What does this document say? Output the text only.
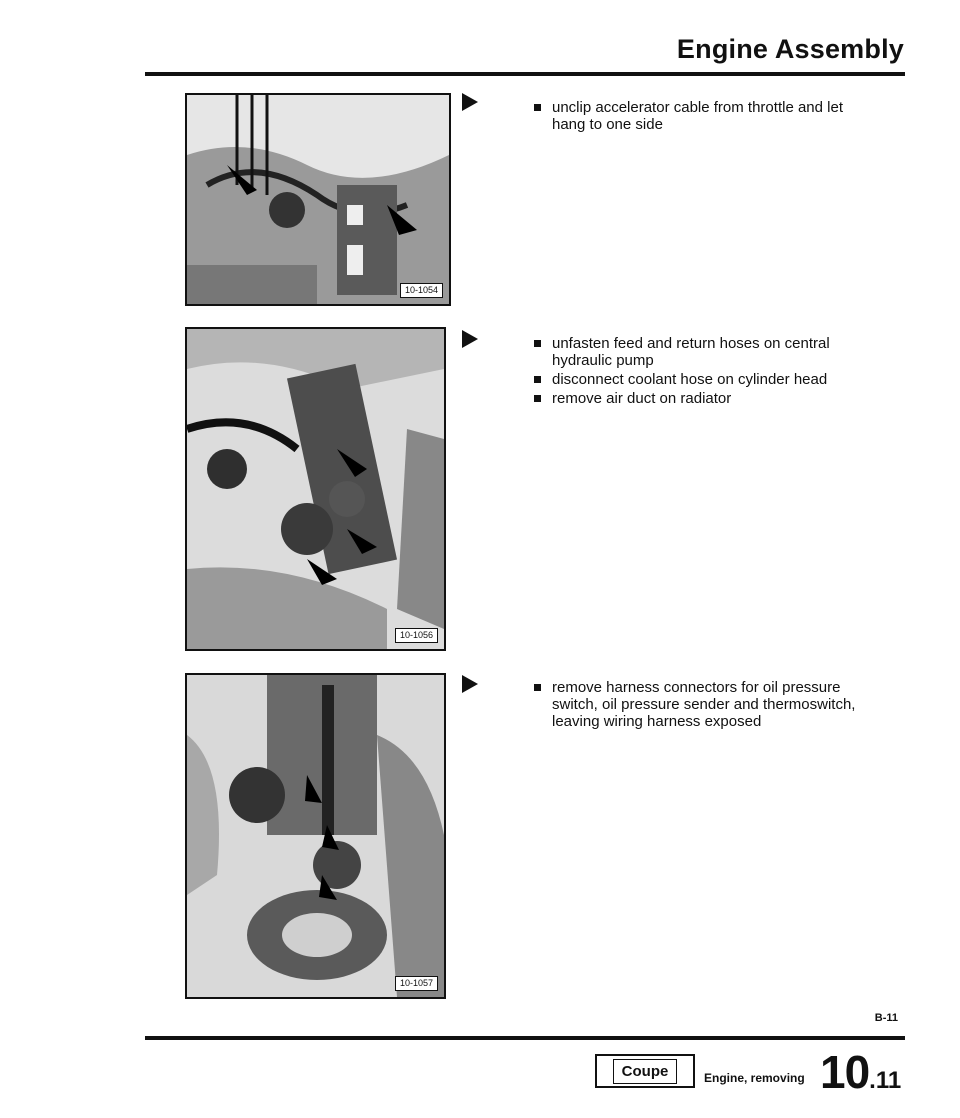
Engine Assembly
10-1054
10-1056
10-1057
unclip accelerator cable from throttle and let hang to one side
unfasten feed and return hoses on central hydraulic pump
disconnect coolant hose on cylinder head
remove air duct on radiator
remove harness connectors for oil pressure switch, oil pressure sender and thermoswitch, leaving wiring harness exposed
B-11
Coupe	Engine, removing 10.11
